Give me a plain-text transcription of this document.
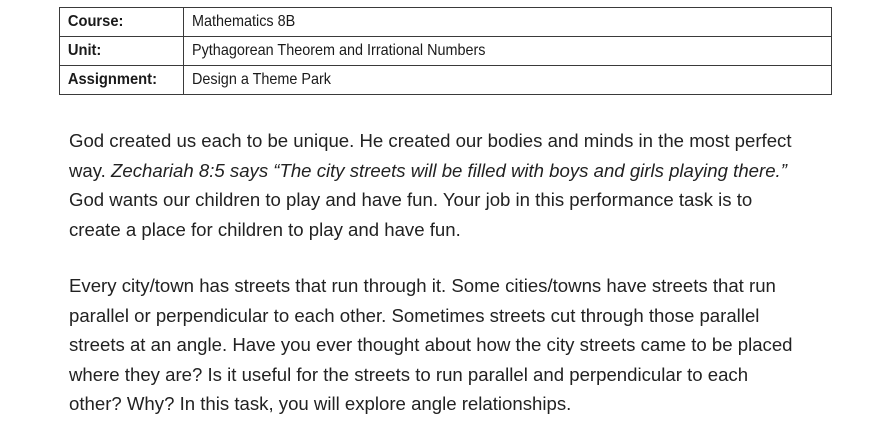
Course:	Mathematics 8B
Unit:	Pythagorean Theorem and Irrational Numbers
Assignment:	Design a Theme Park

God created us each to be unique. He created our bodies and minds in the most perfect
way. Zechariah 8:5 says “The city streets will be filled with boys and girls playing there.”
God wants our children to play and have fun. Your job in this performance task is to
create a place for children to play and have fun.

Every city/town has streets that run through it. Some cities/towns have streets that run
parallel or perpendicular to each other. Sometimes streets cut through those parallel
streets at an angle. Have you ever thought about how the city streets came to be placed
where they are? Is it useful for the streets to run parallel and perpendicular to each
other? Why? In this task, you will explore angle relationships.
